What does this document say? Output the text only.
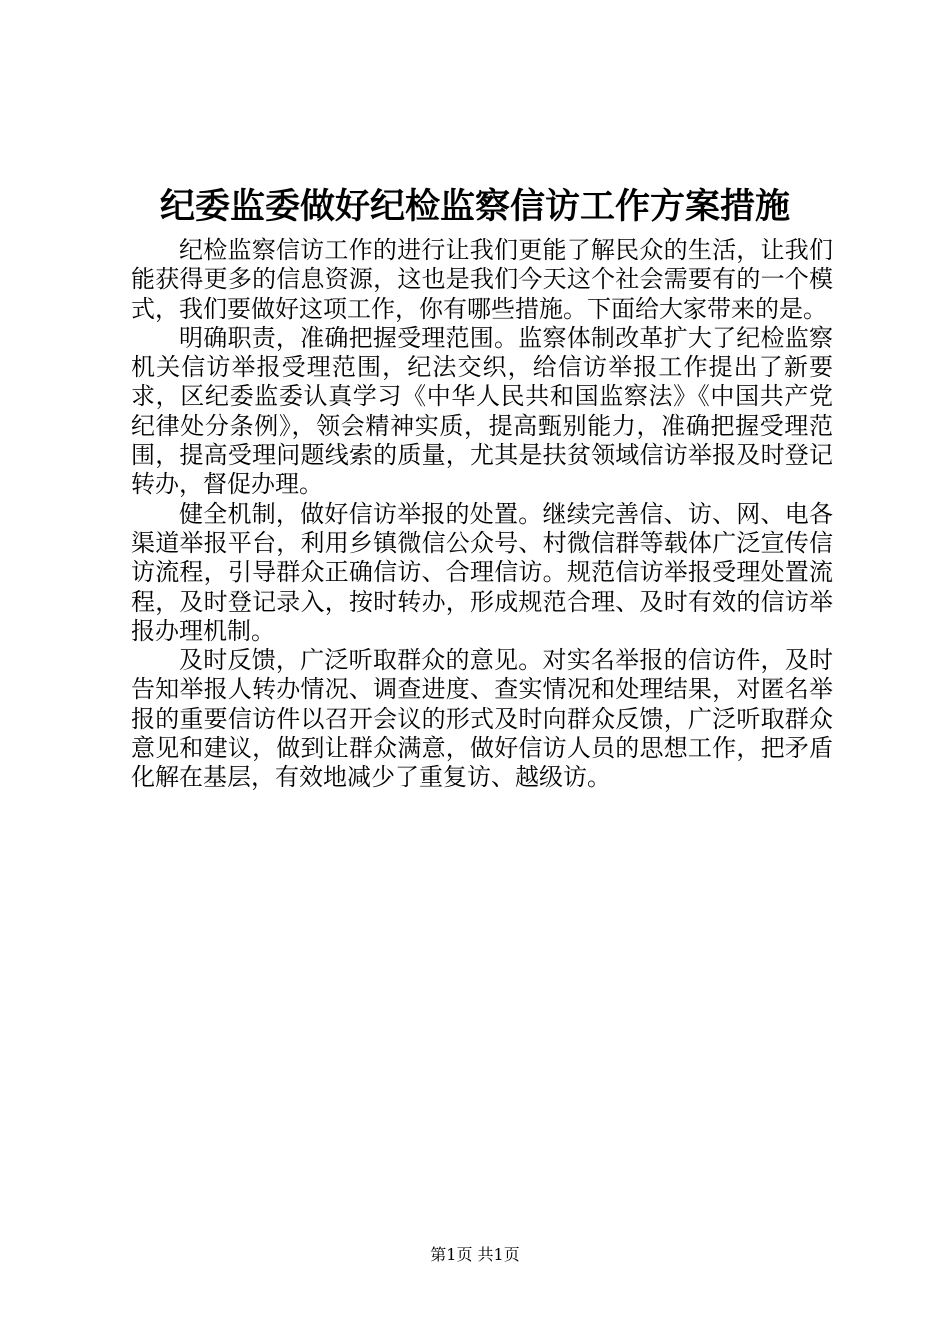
纪委监委做好纪检监察信访工作方案措施

纪检监察信访工作的进行让我们更能了解民众的生活，让我们能获得更多的信息资源，这也是我们今天这个社会需要有的一个模式，我们要做好这项工作，你有哪些措施。下面给大家带来的是。

明确职责，准确把握受理范围。监察体制改革扩大了纪检监察机关信访举报受理范围，纪法交织，给信访举报工作提出了新要求，区纪委监委认真学习《中华人民共和国监察法》《中国共产党纪律处分条例》，领会精神实质，提高甄别能力，准确把握受理范围，提高受理问题线索的质量，尤其是扶贫领域信访举报及时登记转办，督促办理。

健全机制，做好信访举报的处置。继续完善信、访、网、电各渠道举报平台，利用乡镇微信公众号、村微信群等载体广泛宣传信访流程，引导群众正确信访、合理信访。规范信访举报受理处置流程，及时登记录入，按时转办，形成规范合理、及时有效的信访举报办理机制。

及时反馈，广泛听取群众的意见。对实名举报的信访件，及时告知举报人转办情况、调查进度、查实情况和处理结果，对匿名举报的重要信访件以召开会议的形式及时向群众反馈，广泛听取群众意见和建议，做到让群众满意，做好信访人员的思想工作，把矛盾化解在基层，有效地减少了重复访、越级访。

第1页 共1页
